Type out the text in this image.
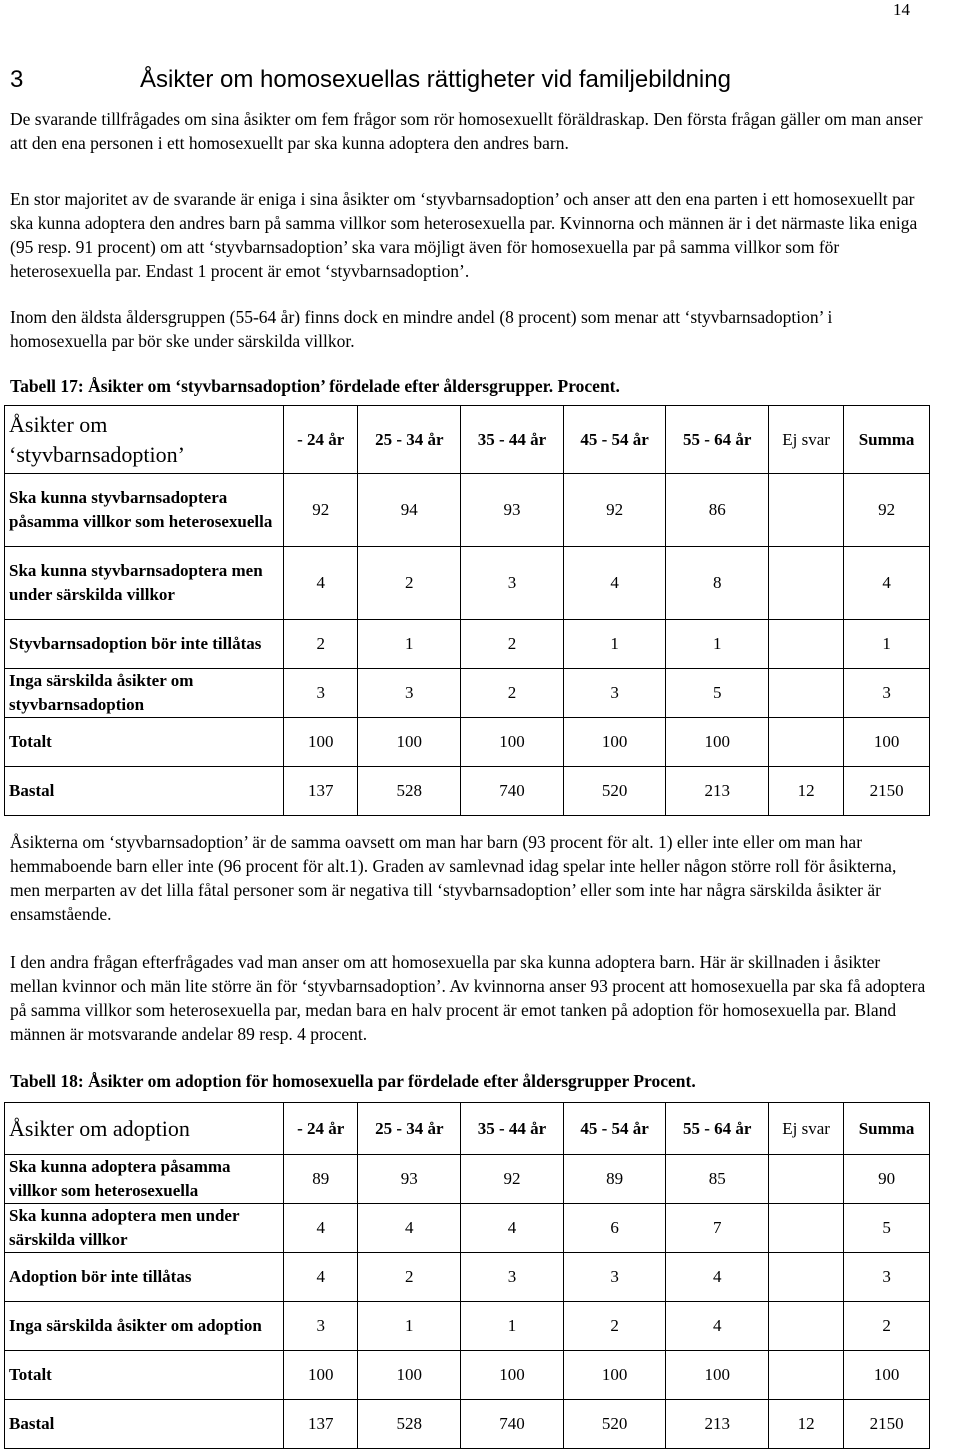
14
3	Åsikter om homosexuellas rättigheter vid familjebildning

De svarande tillfrågades om sina åsikter om fem frågor som rör homosexuellt föräldraskap. Den första frågan gäller om man anser att den ena personen i ett homosexuellt par ska kunna adoptera den andres barn.

En stor majoritet av de svarande är eniga i sina åsikter om ‘styvbarnsadoption’ och anser att den ena parten i ett homosexuellt par ska kunna adoptera den andres barn på samma villkor som heterosexuella par. Kvinnorna och männen är i det närmaste lika eniga (95 resp. 91 procent) om att ‘styvbarnsadoption’ ska vara möjligt även för homosexuella par på samma villkor som för heterosexuella par. Endast 1 procent är emot ‘styvbarnsadoption’.

Inom den äldsta åldersgruppen (55-64 år) finns dock en mindre andel (8 procent) som menar att ‘styvbarnsadoption’ i homosexuella par bör ske under särskilda villkor.

Tabell 17: Åsikter om ‘styvbarnsadoption’ fördelade efter åldersgrupper. Procent.
Åsikter om ‘styvbarnsadoption’	- 24 år	25 - 34 år	35 - 44 år	45 - 54 år	55 - 64 år	Ej svar	Summa
Ska kunna styvbarnsadoptera påsamma villkor som heterosexuella	92	94	93	92	86		92
Ska kunna styvbarnsadoptera men under särskilda villkor	4	2	3	4	8		4
Styvbarnsadoption bör inte tillåtas	2	1	2	1	1		1
Inga särskilda åsikter om styvbarnsadoption	3	3	2	3	5		3
Totalt	100	100	100	100	100		100
Bastal	137	528	740	520	213	12	2150

Åsikterna om ‘styvbarnsadoption’ är de samma oavsett om man har barn (93 procent för alt. 1) eller inte eller om man har hemmaboende barn eller inte (96 procent för alt.1). Graden av samlevnad idag spelar inte heller någon större roll för åsikterna, men merparten av det lilla fåtal personer som är negativa till ‘styvbarnsadoption’ eller som inte har några särskilda åsikter är ensamstående.

I den andra frågan efterfrågades vad man anser om att homosexuella par ska kunna adoptera barn. Här är skillnaden i åsikter mellan kvinnor och män lite större än för ‘styvbarnsadoption’. Av kvinnorna anser 93 procent att homosexuella par ska få adoptera på samma villkor som heterosexuella par, medan bara en halv procent är emot tanken på adoption för homosexuella par. Bland männen är motsvarande andelar 89 resp. 4 procent.

Tabell 18: Åsikter om adoption för homosexuella par fördelade efter åldersgrupper Procent.
Åsikter om adoption	- 24 år	25 - 34 år	35 - 44 år	45 - 54 år	55 - 64 år	Ej svar	Summa
Ska kunna adoptera påsamma villkor som heterosexuella	89	93	92	89	85		90
Ska kunna adoptera men under särskilda villkor	4	4	4	6	7		5
Adoption bör inte tillåtas	4	2	3	3	4		3
Inga särskilda åsikter om adoption	3	1	1	2	4		2
Totalt	100	100	100	100	100		100
Bastal	137	528	740	520	213	12	2150
